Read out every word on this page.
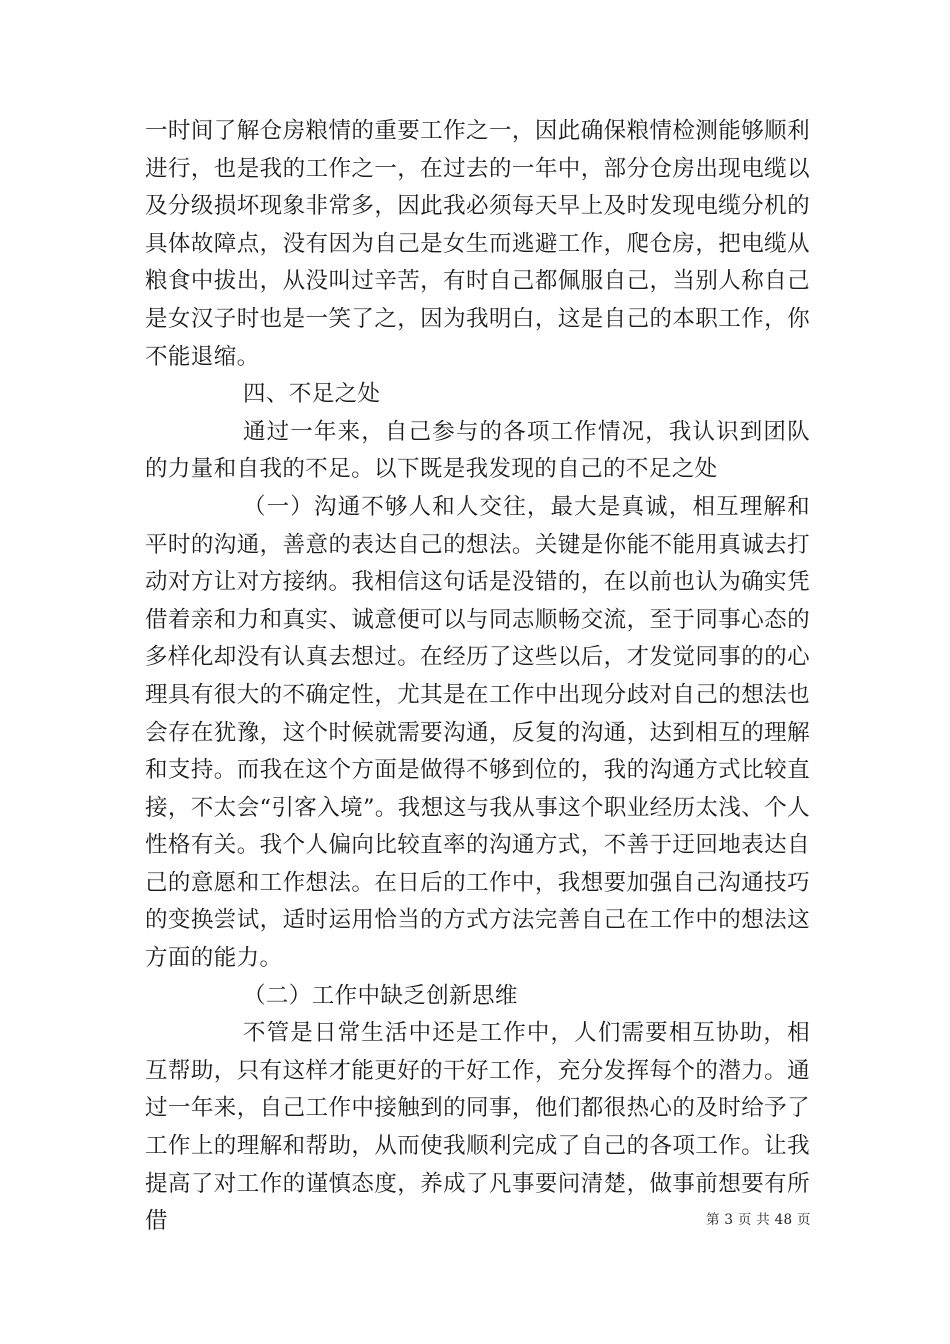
一时间了解仓房粮情的重要工作之一，因此确保粮情检测能够顺利进行，也是我的工作之一，在过去的一年中，部分仓房出现电缆以及分级损坏现象非常多，因此我必须每天早上及时发现电缆分机的具体故障点，没有因为自己是女生而逃避工作，爬仓房，把电缆从粮食中拔出，从没叫过辛苦，有时自己都佩服自己，当别人称自己是女汉子时也是一笑了之，因为我明白，这是自己的本职工作，你不能退缩。

四、不足之处

通过一年来，自己参与的各项工作情况，我认识到团队的力量和自我的不足。以下既是我发现的自己的不足之处

（一）沟通不够人和人交往，最大是真诚，相互理解和平时的沟通，善意的表达自己的想法。关键是你能不能用真诚去打动对方让对方接纳。我相信这句话是没错的，在以前也认为确实凭借着亲和力和真实、诚意便可以与同志顺畅交流，至于同事心态的多样化却没有认真去想过。在经历了这些以后，才发觉同事的的心理具有很大的不确定性，尤其是在工作中出现分歧对自己的想法也会存在犹豫，这个时候就需要沟通，反复的沟通，达到相互的理解和支持。而我在这个方面是做得不够到位的，我的沟通方式比较直接，不太会“引客入境”。我想这与我从事这个职业经历太浅、个人性格有关。我个人偏向比较直率的沟通方式，不善于迂回地表达自己的意愿和工作想法。在日后的工作中，我想要加强自己沟通技巧的变换尝试，适时运用恰当的方式方法完善自己在工作中的想法这方面的能力。

（二）工作中缺乏创新思维

不管是日常生活中还是工作中，人们需要相互协助，相互帮助，只有这样才能更好的干好工作，充分发挥每个的潜力。通过一年来，自己工作中接触到的同事，他们都很热心的及时给予了工作上的理解和帮助，从而使我顺利完成了自己的各项工作。让我提高了对工作的谨慎态度，养成了凡事要问清楚，做事前想要有所借	第 3 页 共 48 页
